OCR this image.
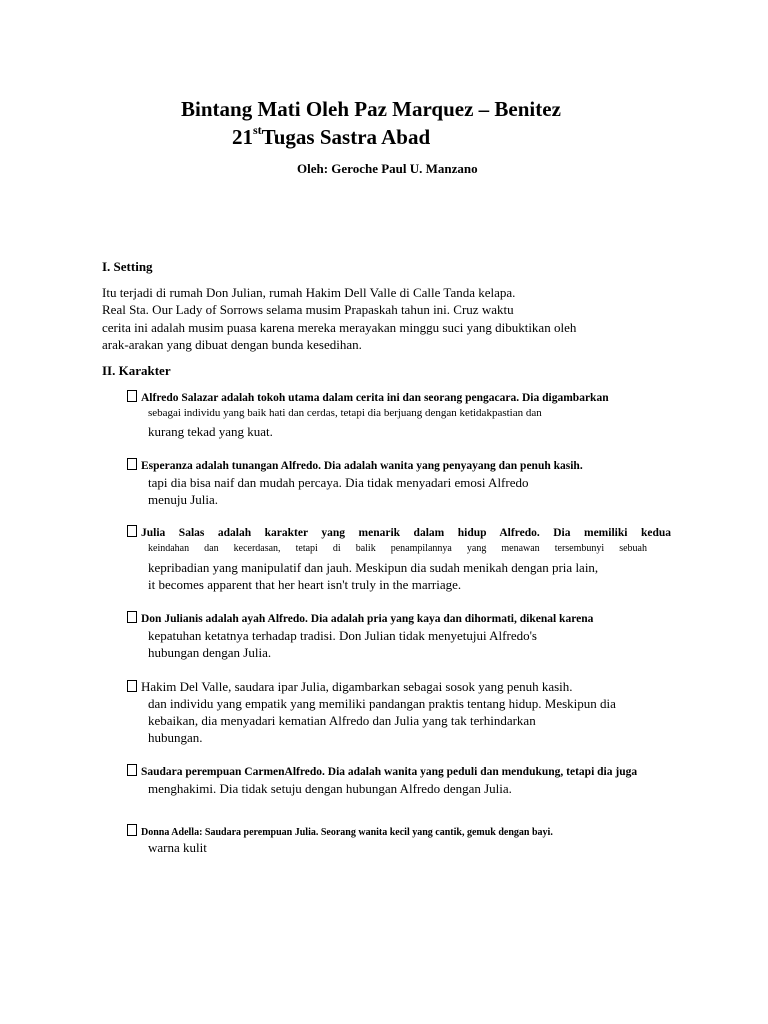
Bintang Mati Oleh Paz Marquez – Benitez
21stTugas Sastra Abad
Oleh: Geroche Paul U. Manzano
I. Setting
Itu terjadi di rumah Don Julian, rumah Hakim Dell Valle di Calle Tanda kelapa.
Real Sta. Our Lady of Sorrows selama musim Prapaskah tahun ini. Cruz waktu
cerita ini adalah musim puasa karena mereka merayakan minggu suci yang dibuktikan oleh
arak-arakan yang dibuat dengan bunda kesedihan.
II. Karakter
Alfredo Salazar adalah tokoh utama dalam cerita ini dan seorang pengacara. Dia digambarkan
sebagai individu yang baik hati dan cerdas, tetapi dia berjuang dengan ketidakpastian dan
kurang tekad yang kuat.
Esperanza adalah tunangan Alfredo. Dia adalah wanita yang penyayang dan penuh kasih.
tapi dia bisa naif dan mudah percaya. Dia tidak menyadari emosi Alfredo
menuju Julia.
Julia Salas adalah karakter yang menarik dalam hidup Alfredo. Dia memiliki kedua
keindahan dan kecerdasan, tetapi di balik penampilannya yang menawan tersembunyi sebuah
kepribadian yang manipulatif dan jauh. Meskipun dia sudah menikah dengan pria lain,
it becomes apparent that her heart isn't truly in the marriage.
Don Julianis adalah ayah Alfredo. Dia adalah pria yang kaya dan dihormati, dikenal karena
kepatuhan ketatnya terhadap tradisi. Don Julian tidak menyetujui Alfredo's
hubungan dengan Julia.
Hakim Del Valle, saudara ipar Julia, digambarkan sebagai sosok yang penuh kasih.
dan individu yang empatik yang memiliki pandangan praktis tentang hidup. Meskipun dia
kebaikan, dia menyadari kematian Alfredo dan Julia yang tak terhindarkan
hubungan.
Saudara perempuan CarmenAlfredo. Dia adalah wanita yang peduli dan mendukung, tetapi dia juga
menghakimi. Dia tidak setuju dengan hubungan Alfredo dengan Julia.
Donna Adella: Saudara perempuan Julia. Seorang wanita kecil yang cantik, gemuk dengan bayi.
warna kulit
